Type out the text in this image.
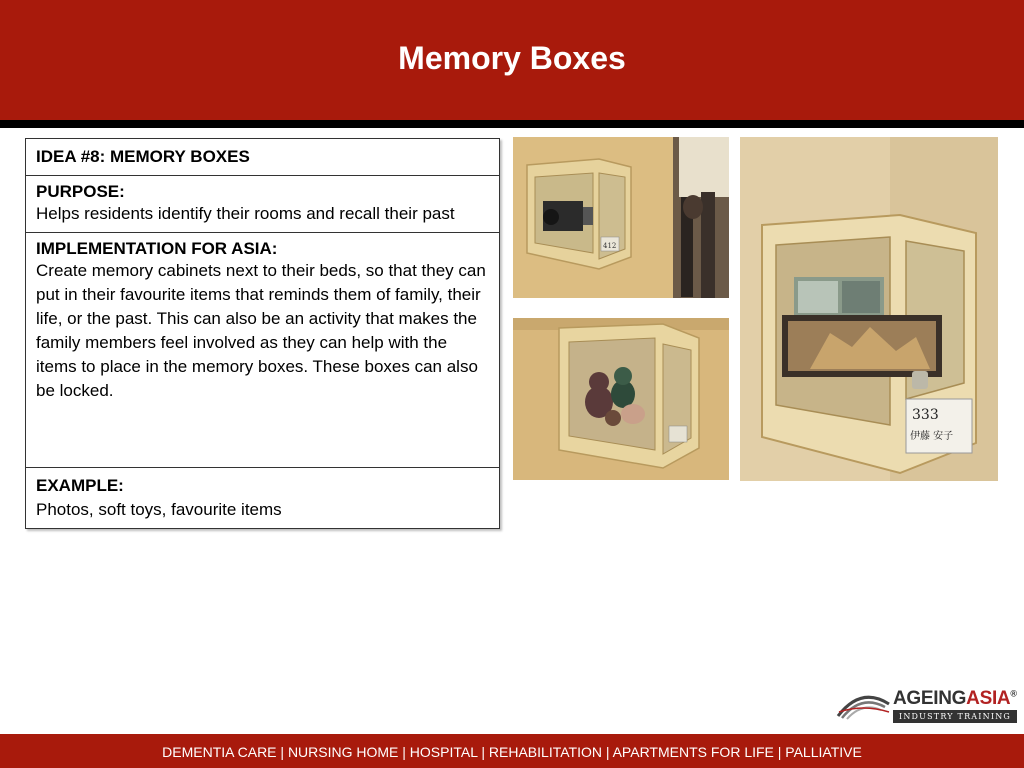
Memory Boxes
IDEA #8: MEMORY BOXES

PURPOSE:
Helps residents identify their rooms and recall their past

IMPLEMENTATION FOR ASIA:
Create memory cabinets next to their beds, so that they can put in their favourite items that reminds them of family, their life, or the past. This can also be an activity that makes the family members feel involved as they can help with the items to place in the memory boxes. These boxes can also be locked.

EXAMPLE:
Photos, soft toys, favourite items
412
333
伊藤 安子
AGEINGASIA®
INDUSTRY TRAINING
DEMENTIA CARE | NURSING HOME | HOSPITAL | REHABILITATION | APARTMENTS FOR LIFE | PALLIATIVE
